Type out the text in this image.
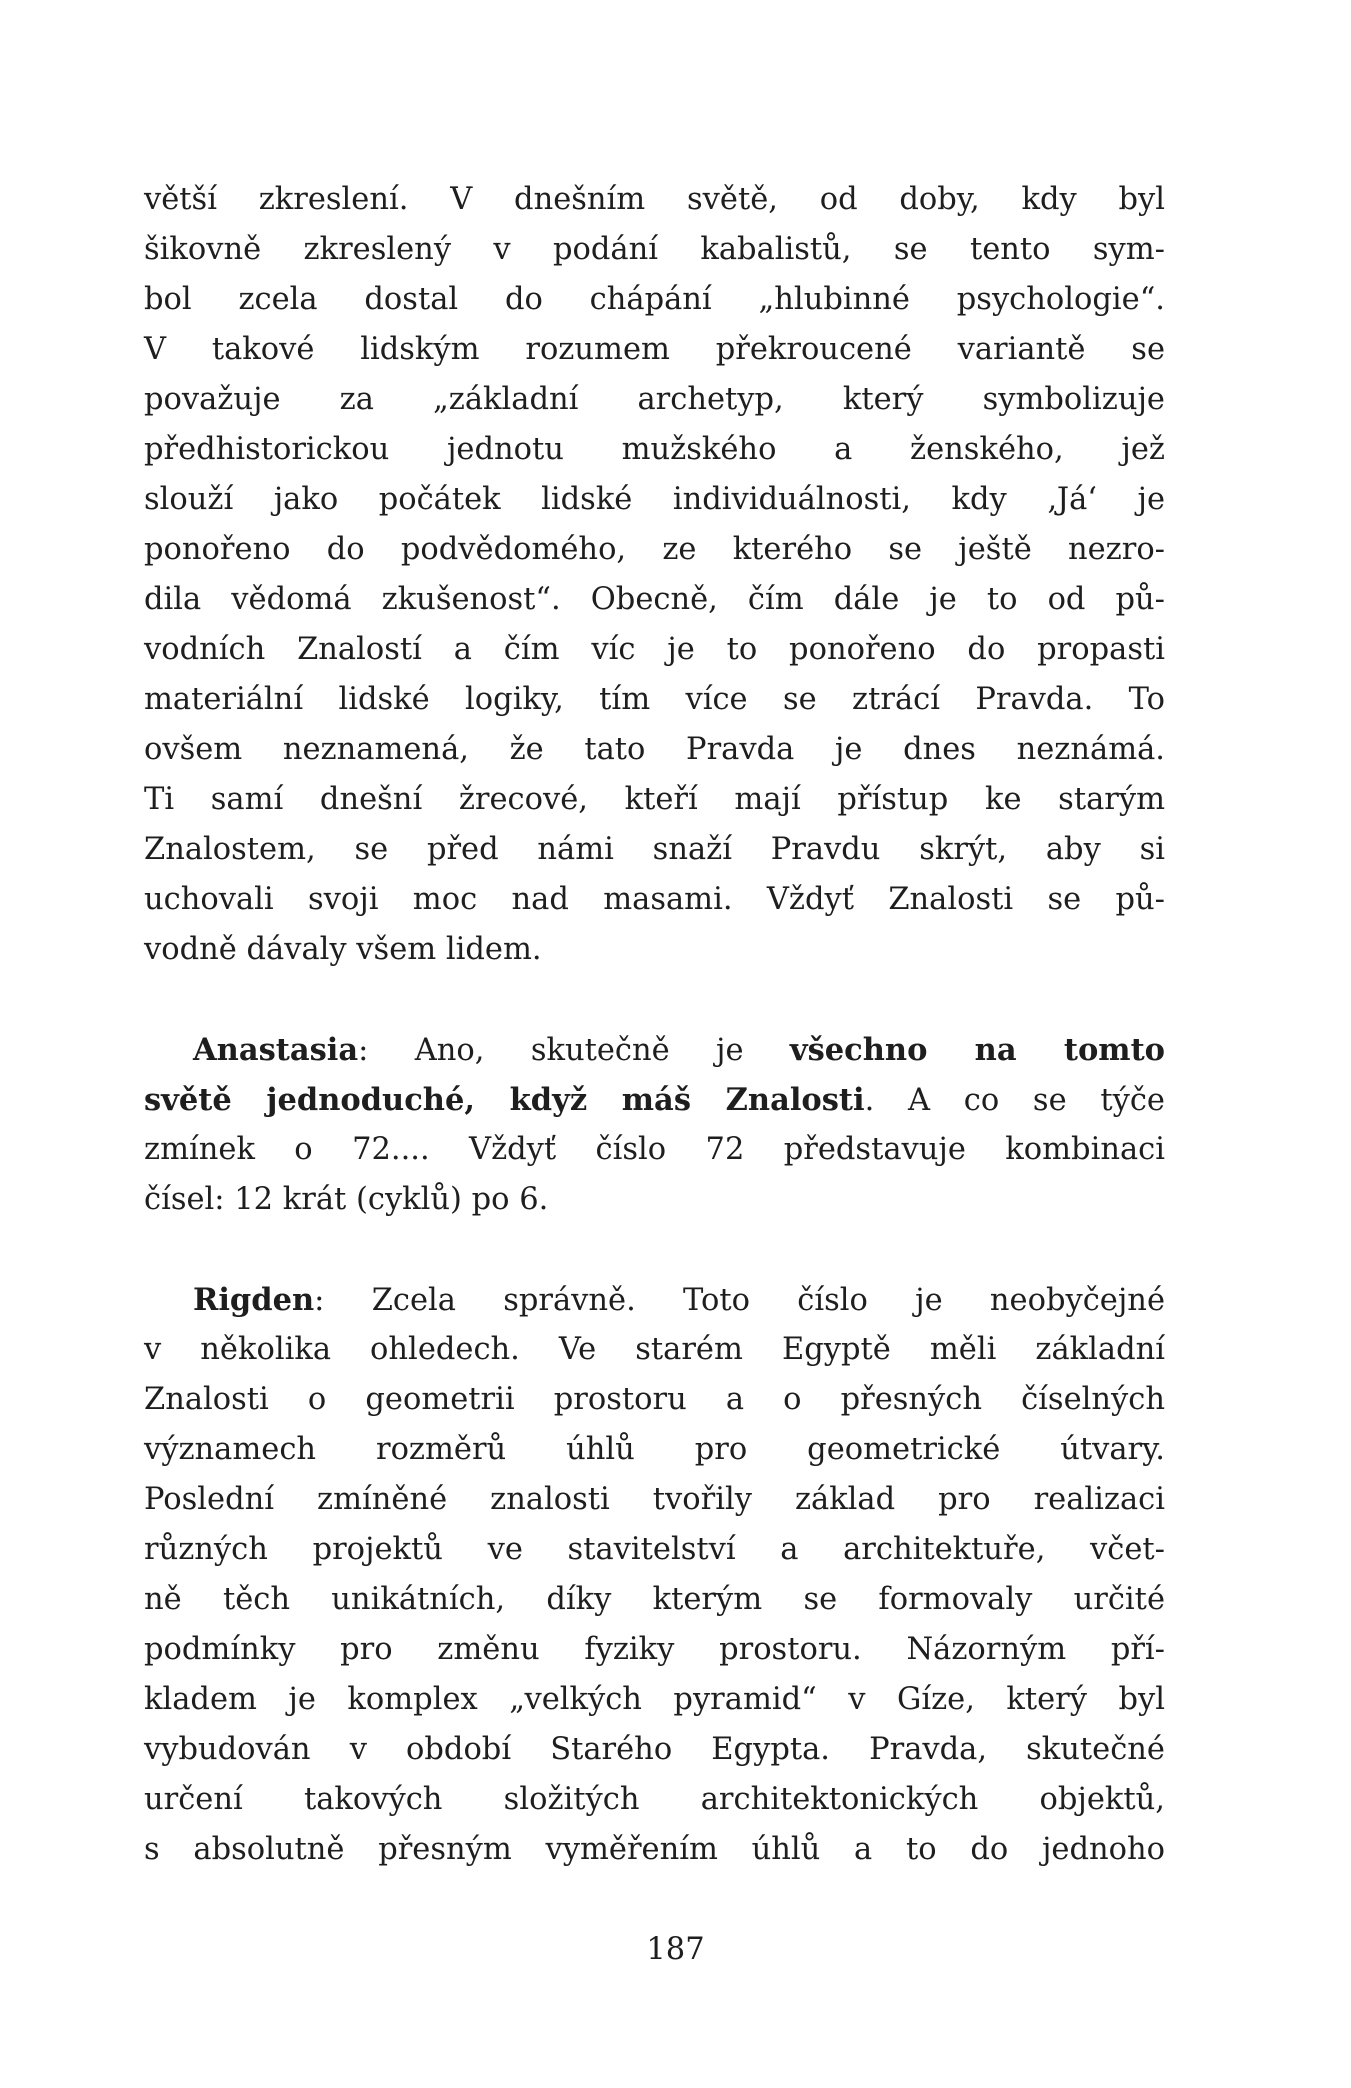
větší zkreslení. V dnešním světě, od doby, kdy byl
šikovně zkreslený v podání kabalistů, se tento sym-
bol zcela dostal do chápání „hlubinné psychologie“.
V takové lidským rozumem překroucené variantě se
považuje za „základní archetyp, který symbolizuje
předhistorickou jednotu mužského a ženského, jež
slouží jako počátek lidské individuálnosti, kdy ‚Já‘ je
ponořeno do podvědomého, ze kterého se ještě nezro-
dila vědomá zkušenost“. Obecně, čím dále je to od pů-
vodních Znalostí a čím víc je to ponořeno do propasti
materiální lidské logiky, tím více se ztrácí Pravda. To
ovšem neznamená, že tato Pravda je dnes neznámá.
Ti samí dnešní žrecové, kteří mají přístup ke starým
Znalostem, se před námi snaží Pravdu skrýt, aby si
uchovali svoji moc nad masami. Vždyť Znalosti se pů-
vodně dávaly všem lidem.
Anastasia: Ano, skutečně je všechno na tomto
světě jednoduché, když máš Znalosti. A co se týče
zmínek o 72.... Vždyť číslo 72 představuje kombinaci
čísel: 12 krát (cyklů) po 6.
Rigden: Zcela správně. Toto číslo je neobyčejné
v několika ohledech. Ve starém Egyptě měli základní
Znalosti o geometrii prostoru a o přesných číselných
významech rozměrů úhlů pro geometrické útvary.
Poslední zmíněné znalosti tvořily základ pro realizaci
různých projektů ve stavitelství a architektuře, včet-
ně těch unikátních, díky kterým se formovaly určité
podmínky pro změnu fyziky prostoru. Názorným pří-
kladem je komplex „velkých pyramid“ v Gíze, který byl
vybudován v období Starého Egypta. Pravda, skutečné
určení takových složitých architektonických objektů,
s absolutně přesným vyměřením úhlů a to do jednoho
187
